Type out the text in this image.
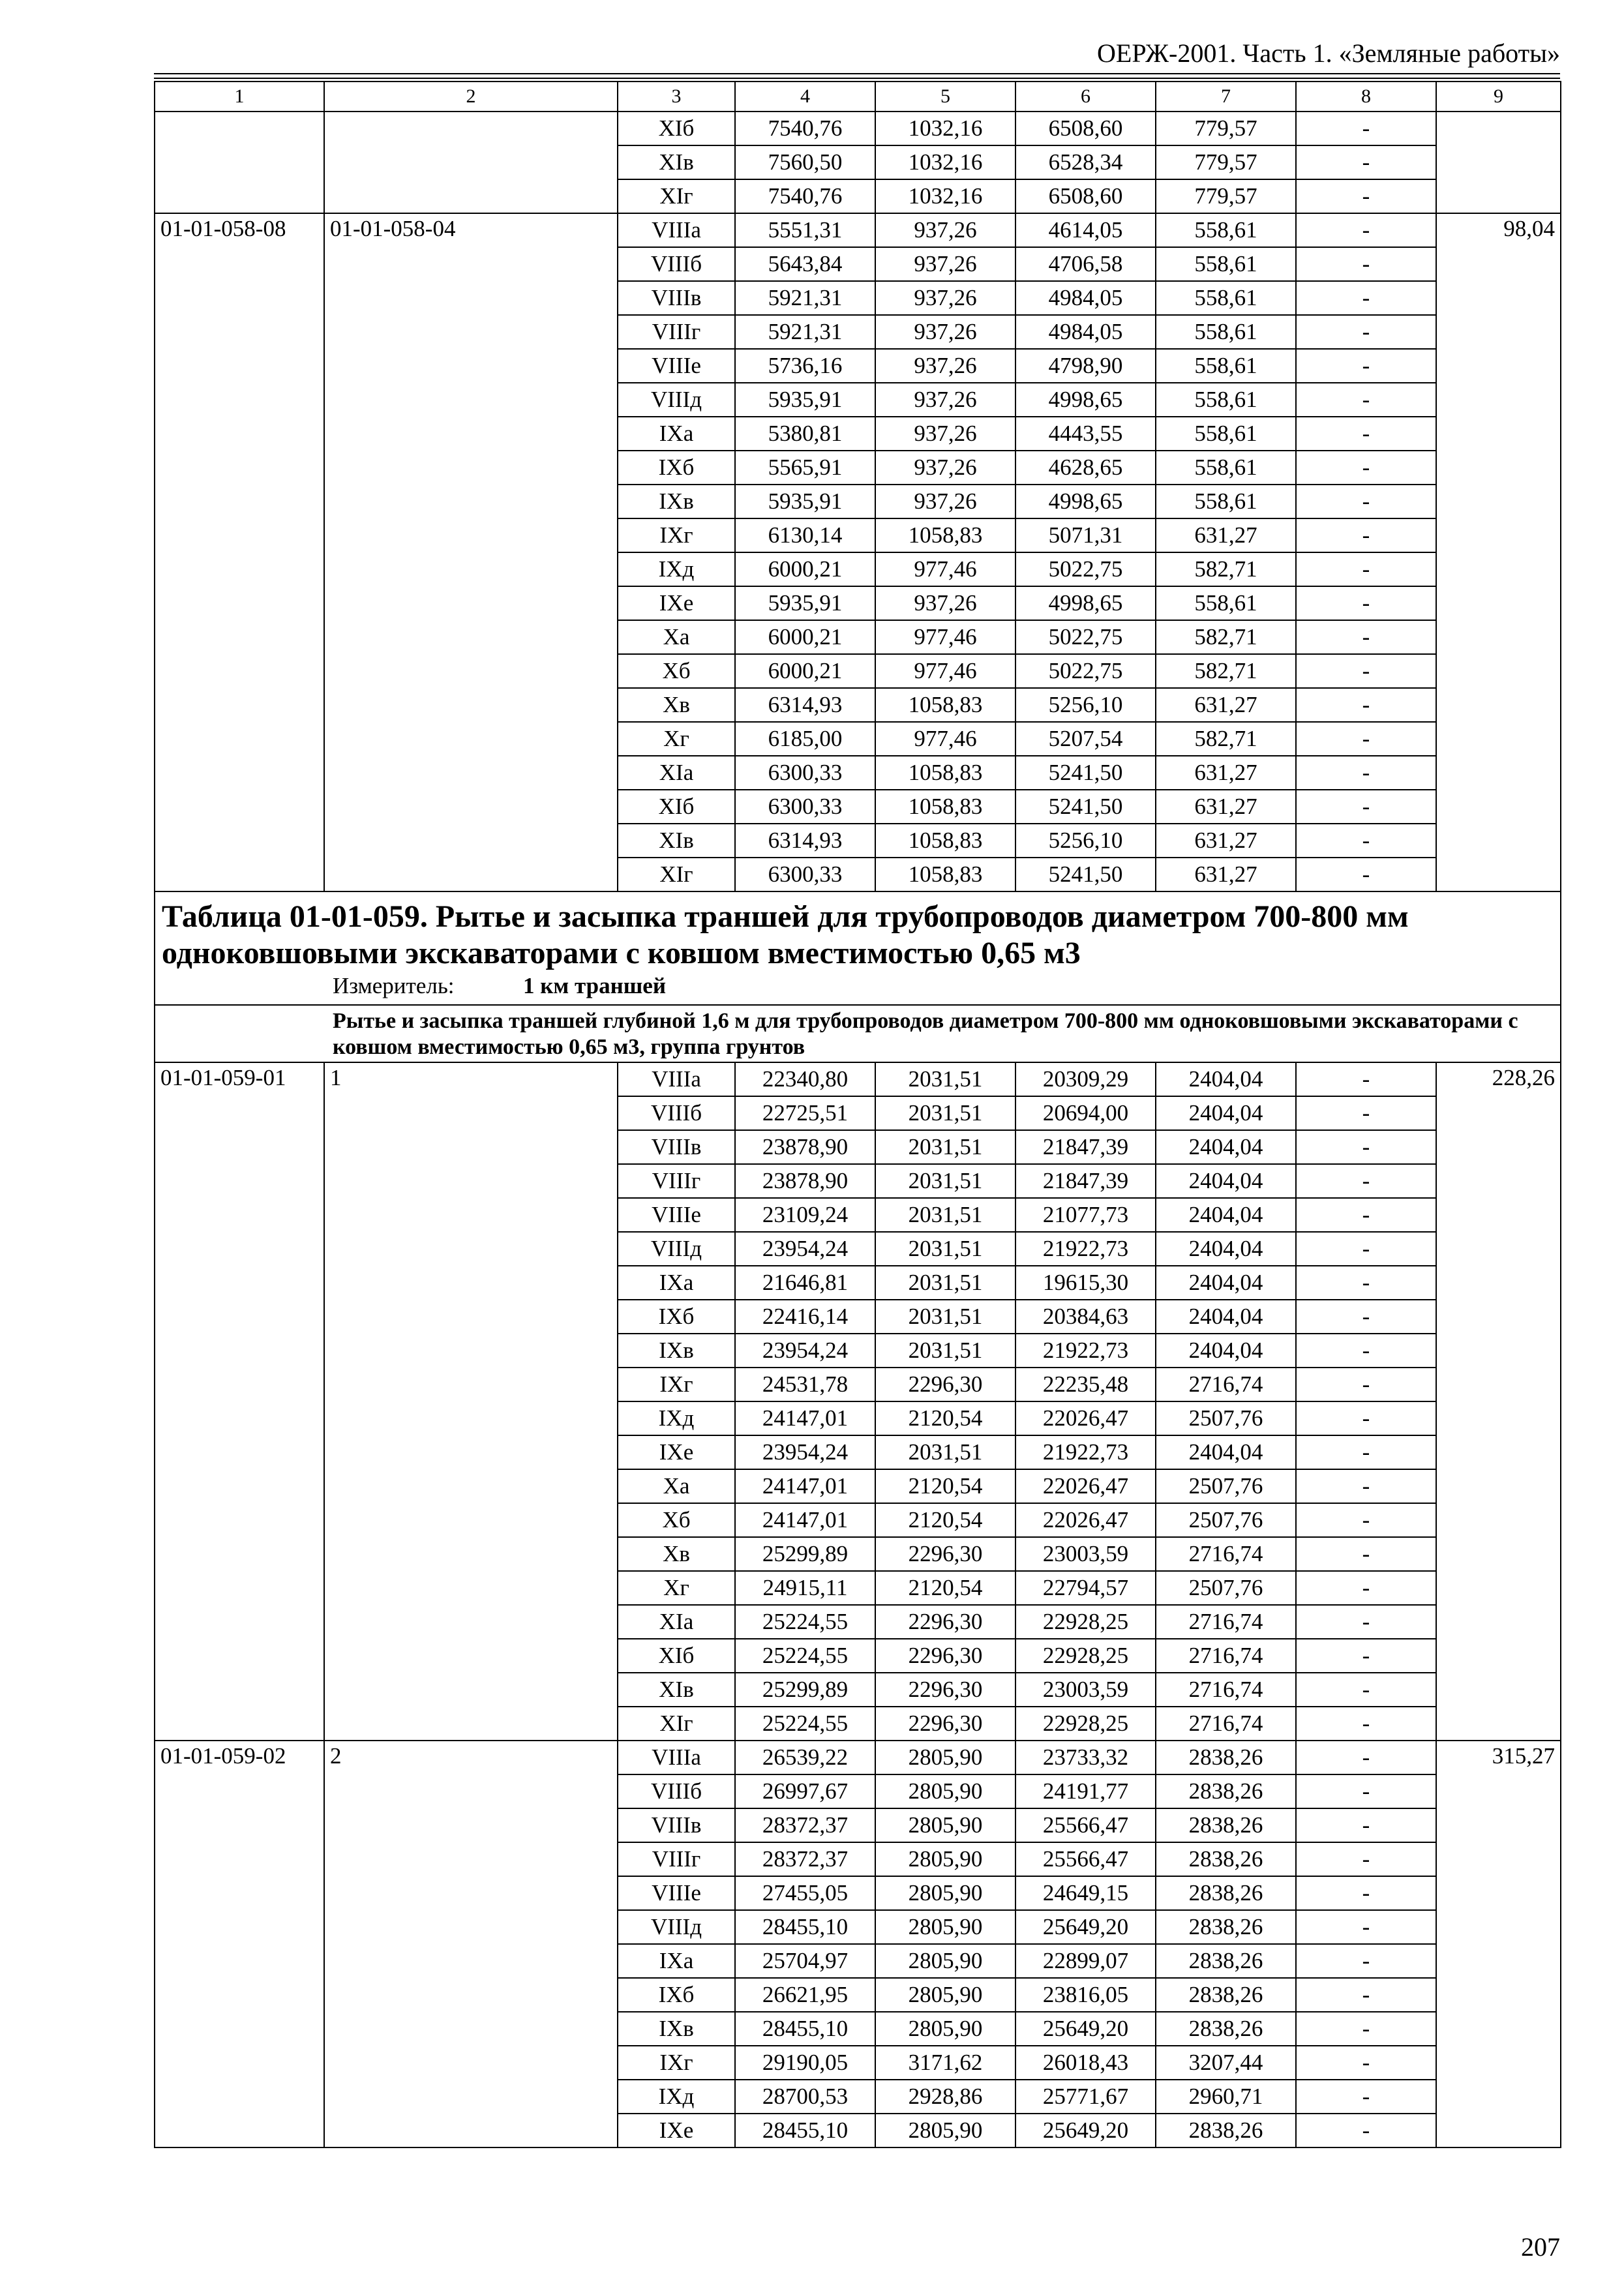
ОЕРЖ-2001. Часть 1. «Земляные работы»
1	2	3	4	5	6	7	8	9
		XIб	7540,76	1032,16	6508,60	779,57	-	
		XIв	7560,50	1032,16	6528,34	779,57	-	
		XIг	7540,76	1032,16	6508,60	779,57	-	
01-01-058-08	01-01-058-04	VIIIа	5551,31	937,26	4614,05	558,61	-	98,04
		VIIIб	5643,84	937,26	4706,58	558,61	-	
		VIIIв	5921,31	937,26	4984,05	558,61	-	
		VIIIг	5921,31	937,26	4984,05	558,61	-	
		VIIIе	5736,16	937,26	4798,90	558,61	-	
		VIIIд	5935,91	937,26	4998,65	558,61	-	
		IXа	5380,81	937,26	4443,55	558,61	-	
		IXб	5565,91	937,26	4628,65	558,61	-	
		IXв	5935,91	937,26	4998,65	558,61	-	
		IXг	6130,14	1058,83	5071,31	631,27	-	
		IXд	6000,21	977,46	5022,75	582,71	-	
		IXе	5935,91	937,26	4998,65	558,61	-	
		Xа	6000,21	977,46	5022,75	582,71	-	
		Xб	6000,21	977,46	5022,75	582,71	-	
		Xв	6314,93	1058,83	5256,10	631,27	-	
		Xг	6185,00	977,46	5207,54	582,71	-	
		XIа	6300,33	1058,83	5241,50	631,27	-	
		XIб	6300,33	1058,83	5241,50	631,27	-	
		XIв	6314,93	1058,83	5256,10	631,27	-	
		XIг	6300,33	1058,83	5241,50	631,27	-	

Таблица 01-01-059. Рытье и засыпка траншей для трубопроводов диаметром 700-800 мм одноковшовыми экскаваторами с ковшом вместимостью 0,65 м3
Измеритель: 1 км траншей								

Рытье и засыпка траншей глубиной 1,6 м для трубопроводов диаметром 700-800 мм одноковшовыми экскаваторами с ковшом вместимостью 0,65 м3, группа грунтов								

01-01-059-01	1	VIIIа	22340,80	2031,51	20309,29	2404,04	-	228,26
		VIIIб	22725,51	2031,51	20694,00	2404,04	-	
		VIIIв	23878,90	2031,51	21847,39	2404,04	-	
		VIIIг	23878,90	2031,51	21847,39	2404,04	-	
		VIIIе	23109,24	2031,51	21077,73	2404,04	-	
		VIIIд	23954,24	2031,51	21922,73	2404,04	-	
		IXа	21646,81	2031,51	19615,30	2404,04	-	
		IXб	22416,14	2031,51	20384,63	2404,04	-	
		IXв	23954,24	2031,51	21922,73	2404,04	-	
		IXг	24531,78	2296,30	22235,48	2716,74	-	
		IXд	24147,01	2120,54	22026,47	2507,76	-	
		IXе	23954,24	2031,51	21922,73	2404,04	-	
		Xа	24147,01	2120,54	22026,47	2507,76	-	
		Xб	24147,01	2120,54	22026,47	2507,76	-	
		Xв	25299,89	2296,30	23003,59	2716,74	-	
		Xг	24915,11	2120,54	22794,57	2507,76	-	
		XIа	25224,55	2296,30	22928,25	2716,74	-	
		XIб	25224,55	2296,30	22928,25	2716,74	-	
		XIв	25299,89	2296,30	23003,59	2716,74	-	
		XIг	25224,55	2296,30	22928,25	2716,74	-	
01-01-059-02	2	VIIIа	26539,22	2805,90	23733,32	2838,26	-	315,27
		VIIIб	26997,67	2805,90	24191,77	2838,26	-	
		VIIIв	28372,37	2805,90	25566,47	2838,26	-	
		VIIIг	28372,37	2805,90	25566,47	2838,26	-	
		VIIIе	27455,05	2805,90	24649,15	2838,26	-	
		VIIIд	28455,10	2805,90	25649,20	2838,26	-	
		IXа	25704,97	2805,90	22899,07	2838,26	-	
		IXб	26621,95	2805,90	23816,05	2838,26	-	
		IXв	28455,10	2805,90	25649,20	2838,26	-	
		IXг	29190,05	3171,62	26018,43	3207,44	-	
		IXд	28700,53	2928,86	25771,67	2960,71	-	
		IXе	28455,10	2805,90	25649,20	2838,26	-	
207
